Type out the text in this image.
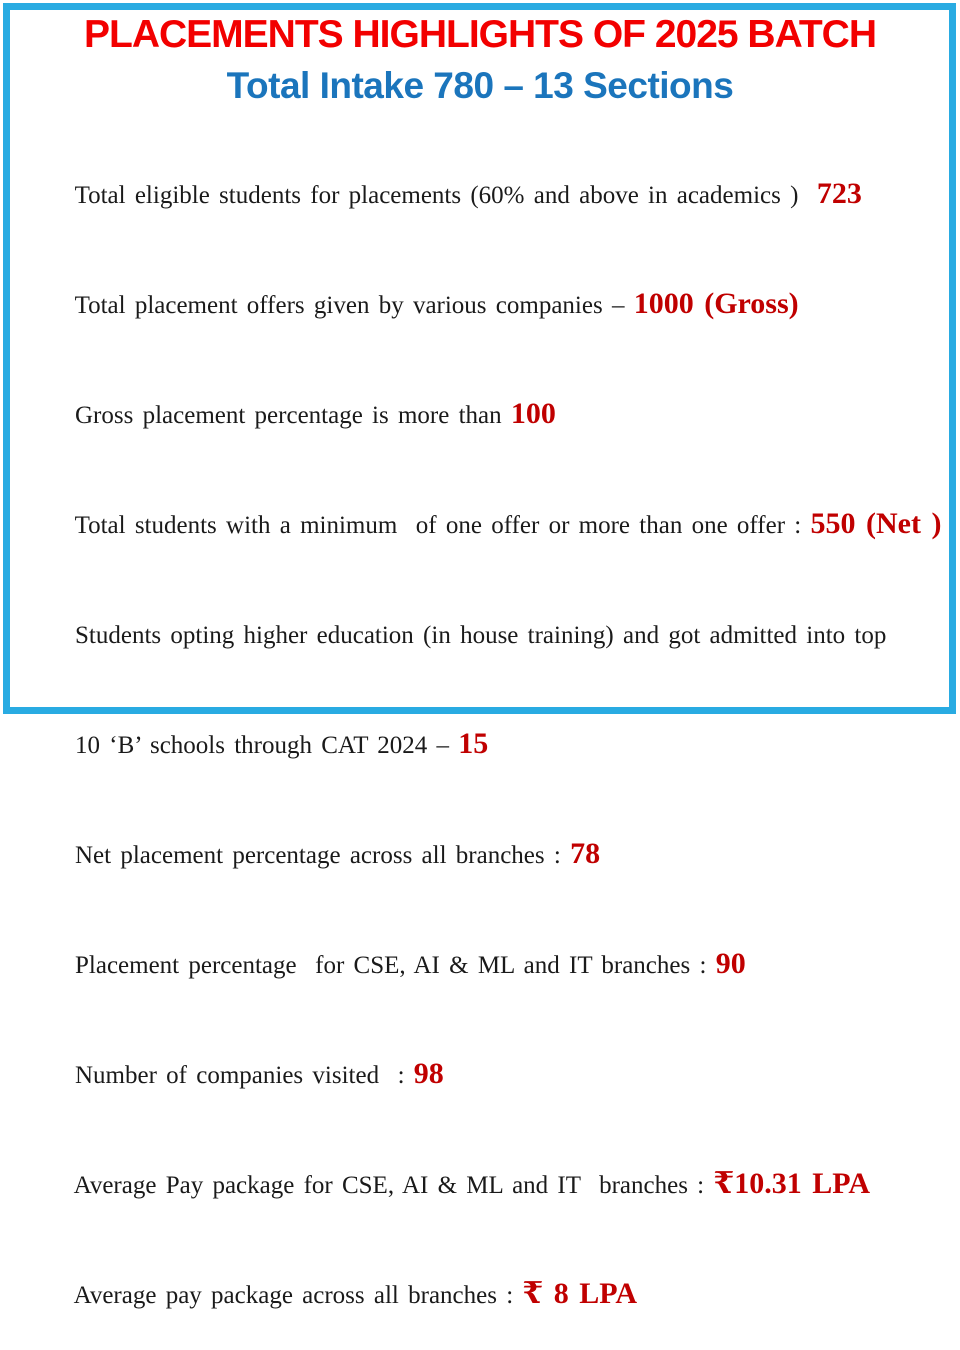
PLACEMENTS HIGHLIGHTS OF 2025 BATCH
Total Intake 780 – 13 Sections

Total eligible students for placements (60% and above in academics )  723

Total placement offers given by various companies – 1000 (Gross)

Gross placement percentage is more than 100

Total students with a minimum  of one offer or more than one offer : 550 (Net )

Students opting higher education (in house training) and got admitted into top

10 ‘B’ schools through CAT 2024 – 15

Net placement percentage across all branches : 78

Placement percentage  for CSE, AI & ML and IT branches : 90

Number of companies visited  : 98

Average Pay package for CSE, AI & ML and IT  branches : ₹10.31 LPA

Average pay package across all branches : ₹ 8 LPA
